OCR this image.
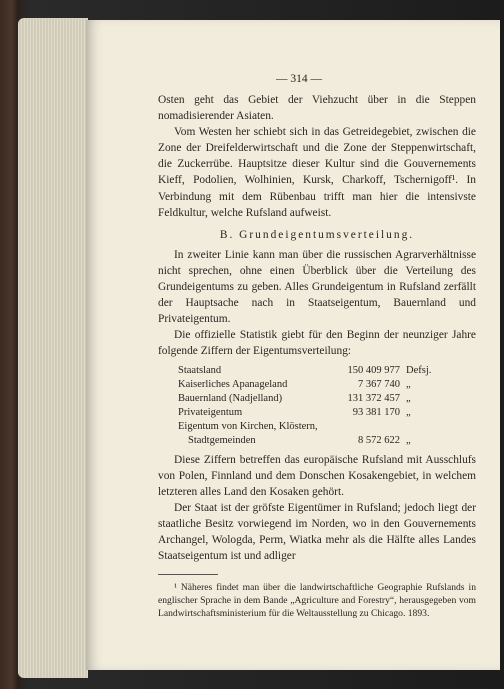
— 314 —

Osten geht das Gebiet der Viehzucht über in die Steppen nomadisierender Asiaten.

Vom Westen her schiebt sich in das Getreidegebiet, zwischen die Zone der Dreifelderwirtschaft und die Zone der Steppenwirtschaft, die Zuckerrübe. Hauptsitze dieser Kultur sind die Gouvernements Kieff, Podolien, Wolhinien, Kursk, Charkoff, Tschernigoff¹. In Verbindung mit dem Rübenbau trifft man hier die intensivste Feldkultur, welche Rufsland aufweist.

B. Grundeigentumsverteilung.

In zweiter Linie kann man über die russischen Agrarverhältnisse nicht sprechen, ohne einen Überblick über die Verteilung des Grundeigentums zu geben. Alles Grundeigentum in Rufsland zerfällt der Hauptsache nach in Staatseigentum, Bauernland und Privateigentum.

Die offizielle Statistik giebt für den Beginn der neunziger Jahre folgende Ziffern der Eigentumsverteilung:

Staatsland	150 409 977	Defsj.
Kaiserliches Apanageland	7 367 740	„
Bauernland (Nadjelland)	131 372 457	„
Privateigentum	93 381 170	„
Eigentum von Kirchen, Klöstern,		
Stadtgemeinden	8 572 622	„

Diese Ziffern betreffen das europäische Rufsland mit Ausschlufs von Polen, Finnland und dem Donschen Kosakengebiet, in welchem letzteren alles Land den Kosaken gehört.

Der Staat ist der gröfste Eigentümer in Rufsland; jedoch liegt der staatliche Besitz vorwiegend im Norden, wo in den Gouvernements Archangel, Wologda, Perm, Wiatka mehr als die Hälfte alles Landes Staatseigentum ist und adliger

¹ Näheres findet man über die landwirtschaftliche Geographie Rufslands in englischer Sprache in dem Bande „Agriculture and Forestry“, herausgegeben vom Landwirtschaftsministerium für die Weltausstellung zu Chicago. 1893.
